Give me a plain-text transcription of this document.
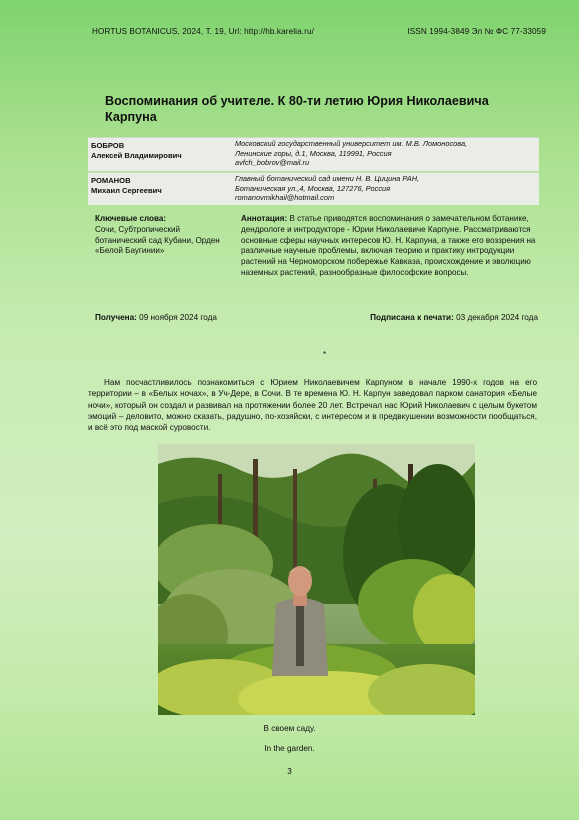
HORTUS BOTANICUS, 2024, Т. 19, Url: http://hb.karelia.ru/	ISSN 1994-3849 Эл № ФС 77-33059
Воспоминания об учителе. К 80-ти летию Юрия Николаевича Карпуна
БОБРОВ
Алексей Владимирович
Московский государственный университет им. М.В. Ломоносова,
Ленинские горы, д.1, Москва, 119991, Россия
avfch_bobrov@mail.ru
РОМАНОВ
Михаил Сергеевич
Главный ботанический сад имени Н. В. Цицина РАН,
Ботаническая ул.,4, Москва, 127276, Россия
romanovmikhail@hotmail.com
Ключевые слова:
Сочи, Субтропический ботанический сад Кубани, Орден «Белой Баугинии»
Аннотация: В статье приводятся воспоминания о замечательном ботанике, дендрологе и интродукторе - Юрии Николаевиче Карпуне. Рассматриваются основные сферы научных интересов Ю. Н. Карпуна, а также его воззрения на различные научные проблемы, включая теорию и практику интродукции растений на Черноморском побережье Кавказа, происхождение и эволюцию наземных растений, разнообразные философские вопросы.
Получена: 09 ноября 2024 года	Подписана к печати: 03 декабря 2024 года
*
Нам посчастливилось познакомиться с Юрием Николаевичем Карпуном в начале 1990-х годов на его территории – в «Белых ночах», в Уч-Дере, в Сочи. В те времена Ю. Н. Карпун заведовал парком санатория «Белые ночи», который он создал и развивал на протяжении более 20 лет. Встречал нас Юрий Николаевич с целым букетом эмоций – деловито, можно сказать, радушно, по-хозяйски, с интересом и в предвкушении возможности пообщаться, и всё это под маской суровости.
В своем саду.
In the garden.
3
